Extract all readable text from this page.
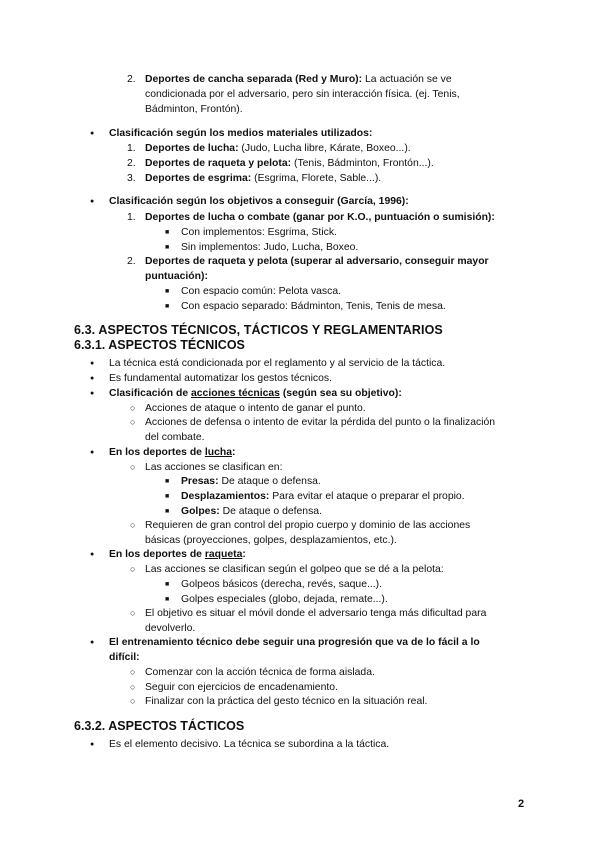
2. Deportes de cancha separada (Red y Muro): La actuación se ve
condicionada por el adversario, pero sin interacción física. (ej. Tenis,
Bádminton, Frontón).
● Clasificación según los medios materiales utilizados:
1. Deportes de lucha: (Judo, Lucha libre, Kárate, Boxeo...).
2. Deportes de raqueta y pelota: (Tenis, Bádminton, Frontón...).
3. Deportes de esgrima: (Esgrima, Florete, Sable...).
● Clasificación según los objetivos a conseguir (García, 1996):
1. Deportes de lucha o combate (ganar por K.O., puntuación o sumisión):
■ Con implementos: Esgrima, Stick.
■ Sin implementos: Judo, Lucha, Boxeo.
2. Deportes de raqueta y pelota (superar al adversario, conseguir mayor
puntuación):
■ Con espacio común: Pelota vasca.
■ Con espacio separado: Bádminton, Tenis, Tenis de mesa.
6.3. ASPECTOS TÉCNICOS, TÁCTICOS Y REGLAMENTARIOS
6.3.1. ASPECTOS TÉCNICOS
● La técnica está condicionada por el reglamento y al servicio de la táctica.
● Es fundamental automatizar los gestos técnicos.
● Clasificación de acciones técnicas (según sea su objetivo):
○ Acciones de ataque o intento de ganar el punto.
○ Acciones de defensa o intento de evitar la pérdida del punto o la finalización
del combate.
● En los deportes de lucha:
○ Las acciones se clasifican en:
■ Presas: De ataque o defensa.
■ Desplazamientos: Para evitar el ataque o preparar el propio.
■ Golpes: De ataque o defensa.
○ Requieren de gran control del propio cuerpo y dominio de las acciones
básicas (proyecciones, golpes, desplazamientos, etc.).
● En los deportes de raqueta:
○ Las acciones se clasifican según el golpeo que se dé a la pelota:
■ Golpeos básicos (derecha, revés, saque...).
■ Golpes especiales (globo, dejada, remate...).
○ El objetivo es situar el móvil donde el adversario tenga más dificultad para
devolverlo.
● El entrenamiento técnico debe seguir una progresión que va de lo fácil a lo
difícil:
○ Comenzar con la acción técnica de forma aislada.
○ Seguir con ejercicios de encadenamiento.
○ Finalizar con la práctica del gesto técnico en la situación real.
6.3.2. ASPECTOS TÁCTICOS
● Es el elemento decisivo. La técnica se subordina a la táctica.
2
